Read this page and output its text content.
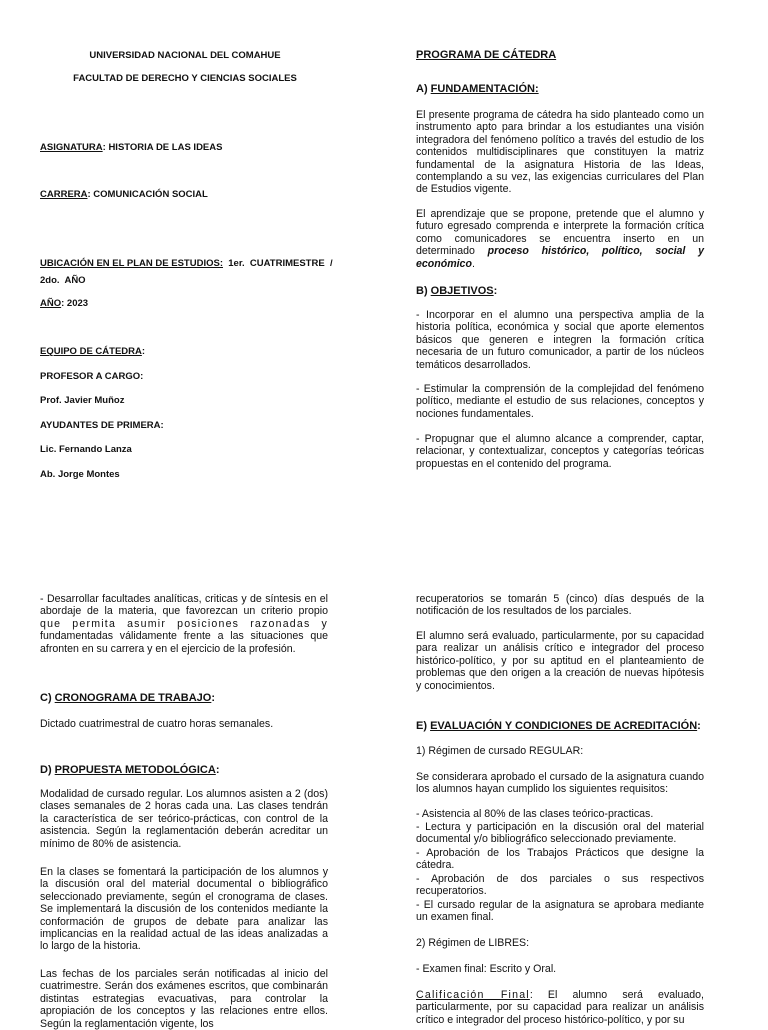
UNIVERSIDAD NACIONAL DEL COMAHUE
FACULTAD DE DERECHO Y CIENCIAS SOCIALES
ASIGNATURA: HISTORIA DE LAS IDEAS
CARRERA: COMUNICACIÓN SOCIAL
UBICACIÓN EN EL PLAN DE ESTUDIOS:  1er.  CUATRIMESTRE  /
2do.  AÑO
AÑO: 2023
EQUIPO DE CÁTEDRA:
PROFESOR A CARGO:
Prof. Javier Muñoz
AYUDANTES DE PRIMERA:
Lic. Fernando Lanza
Ab. Jorge Montes
PROGRAMA DE CÁTEDRA
A) FUNDAMENTACIÓN:

El presente programa de cátedra ha sido planteado como un instrumento apto para brindar a los estudiantes una visión integradora del fenómeno político a través del estudio de los contenidos multidisciplinares que constituyen la matriz fundamental de la asignatura Historia de las Ideas, contemplando a su vez, las exigencias curriculares del Plan de Estudios vigente.

El aprendizaje que se propone, pretende que el alumno y futuro egresado comprenda e interprete la formación crítica como comunicadores se encuentra inserto en un determinado proceso histórico, político, social y económico.

B) OBJETIVOS:

- Incorporar en el alumno una perspectiva amplia de la historia política, económica y social que aporte elementos básicos que generen e integren la formación crítica necesaria de un futuro comunicador, a partir de los núcleos temáticos desarrollados.

- Estimular la comprensión de la complejidad del fenómeno político, mediante el estudio de sus relaciones, conceptos y nociones fundamentales.

- Propugnar que el alumno alcance a comprender, captar, relacionar, y contextualizar, conceptos y categorías teóricas propuestas en el contenido del programa.

- Desarrollar facultades analíticas, criticas y de síntesis en el abordaje de la materia, que favorezcan un criterio propio que permita asumir posiciones razonadas y fundamentadas válidamente frente a las situaciones que afronten en su carrera y en el ejercicio de la profesión.

C) CRONOGRAMA DE TRABAJO:

Dictado cuatrimestral de cuatro horas semanales.

D) PROPUESTA METODOLÓGICA:

Modalidad de cursado regular. Los alumnos asisten a 2 (dos) clases semanales de 2 horas cada una. Las clases tendrán la característica de ser teórico-prácticas, con control de la asistencia. Según la reglamentación deberán acreditar un mínimo de 80% de asistencia.

En la clases se fomentará la participación de los alumnos y la discusión oral del material documental o bibliográfico seleccionado previamente, según el cronograma de clases. Se implementará la discusión de los contenidos mediante la conformación de grupos de debate para analizar las implicancias en la realidad actual de las ideas analizadas a lo largo de la historia.

Las fechas de los parciales serán notificadas al inicio del cuatrimestre. Serán dos exámenes escritos, que combinarán distintas estrategias evacuativas, para controlar la apropiación de los conceptos y las relaciones entre ellos. Según la reglamentación vigente, los

recuperatorios se tomarán 5 (cinco) días después de la notificación de los resultados de los parciales.

El alumno será evaluado, particularmente, por su capacidad para realizar un análisis crítico e integrador del proceso histórico-político, y por su aptitud en el planteamiento de problemas que den origen a la creación de nuevas hipótesis y conocimientos.

E) EVALUACIÓN Y CONDICIONES DE ACREDITACIÓN:

1) Régimen de cursado REGULAR:

Se considerara aprobado el cursado de la asignatura cuando los alumnos hayan cumplido los siguientes requisitos:

- Asistencia al 80% de las clases teórico-practicas.

- Lectura y participación en la discusión oral del material documental y/o bibliográfico seleccionado previamente.

- Aprobación de los Trabajos Prácticos que designe la cátedra.

- Aprobación de dos parciales o sus respectivos recuperatorios.

- El cursado regular de la asignatura se aprobara mediante un examen final.

2) Régimen de LIBRES:

- Examen final: Escrito y Oral.

Calificación Final: El alumno será evaluado, particularmente, por su capacidad para realizar un análisis crítico e integrador del proceso histórico-político, y por su
